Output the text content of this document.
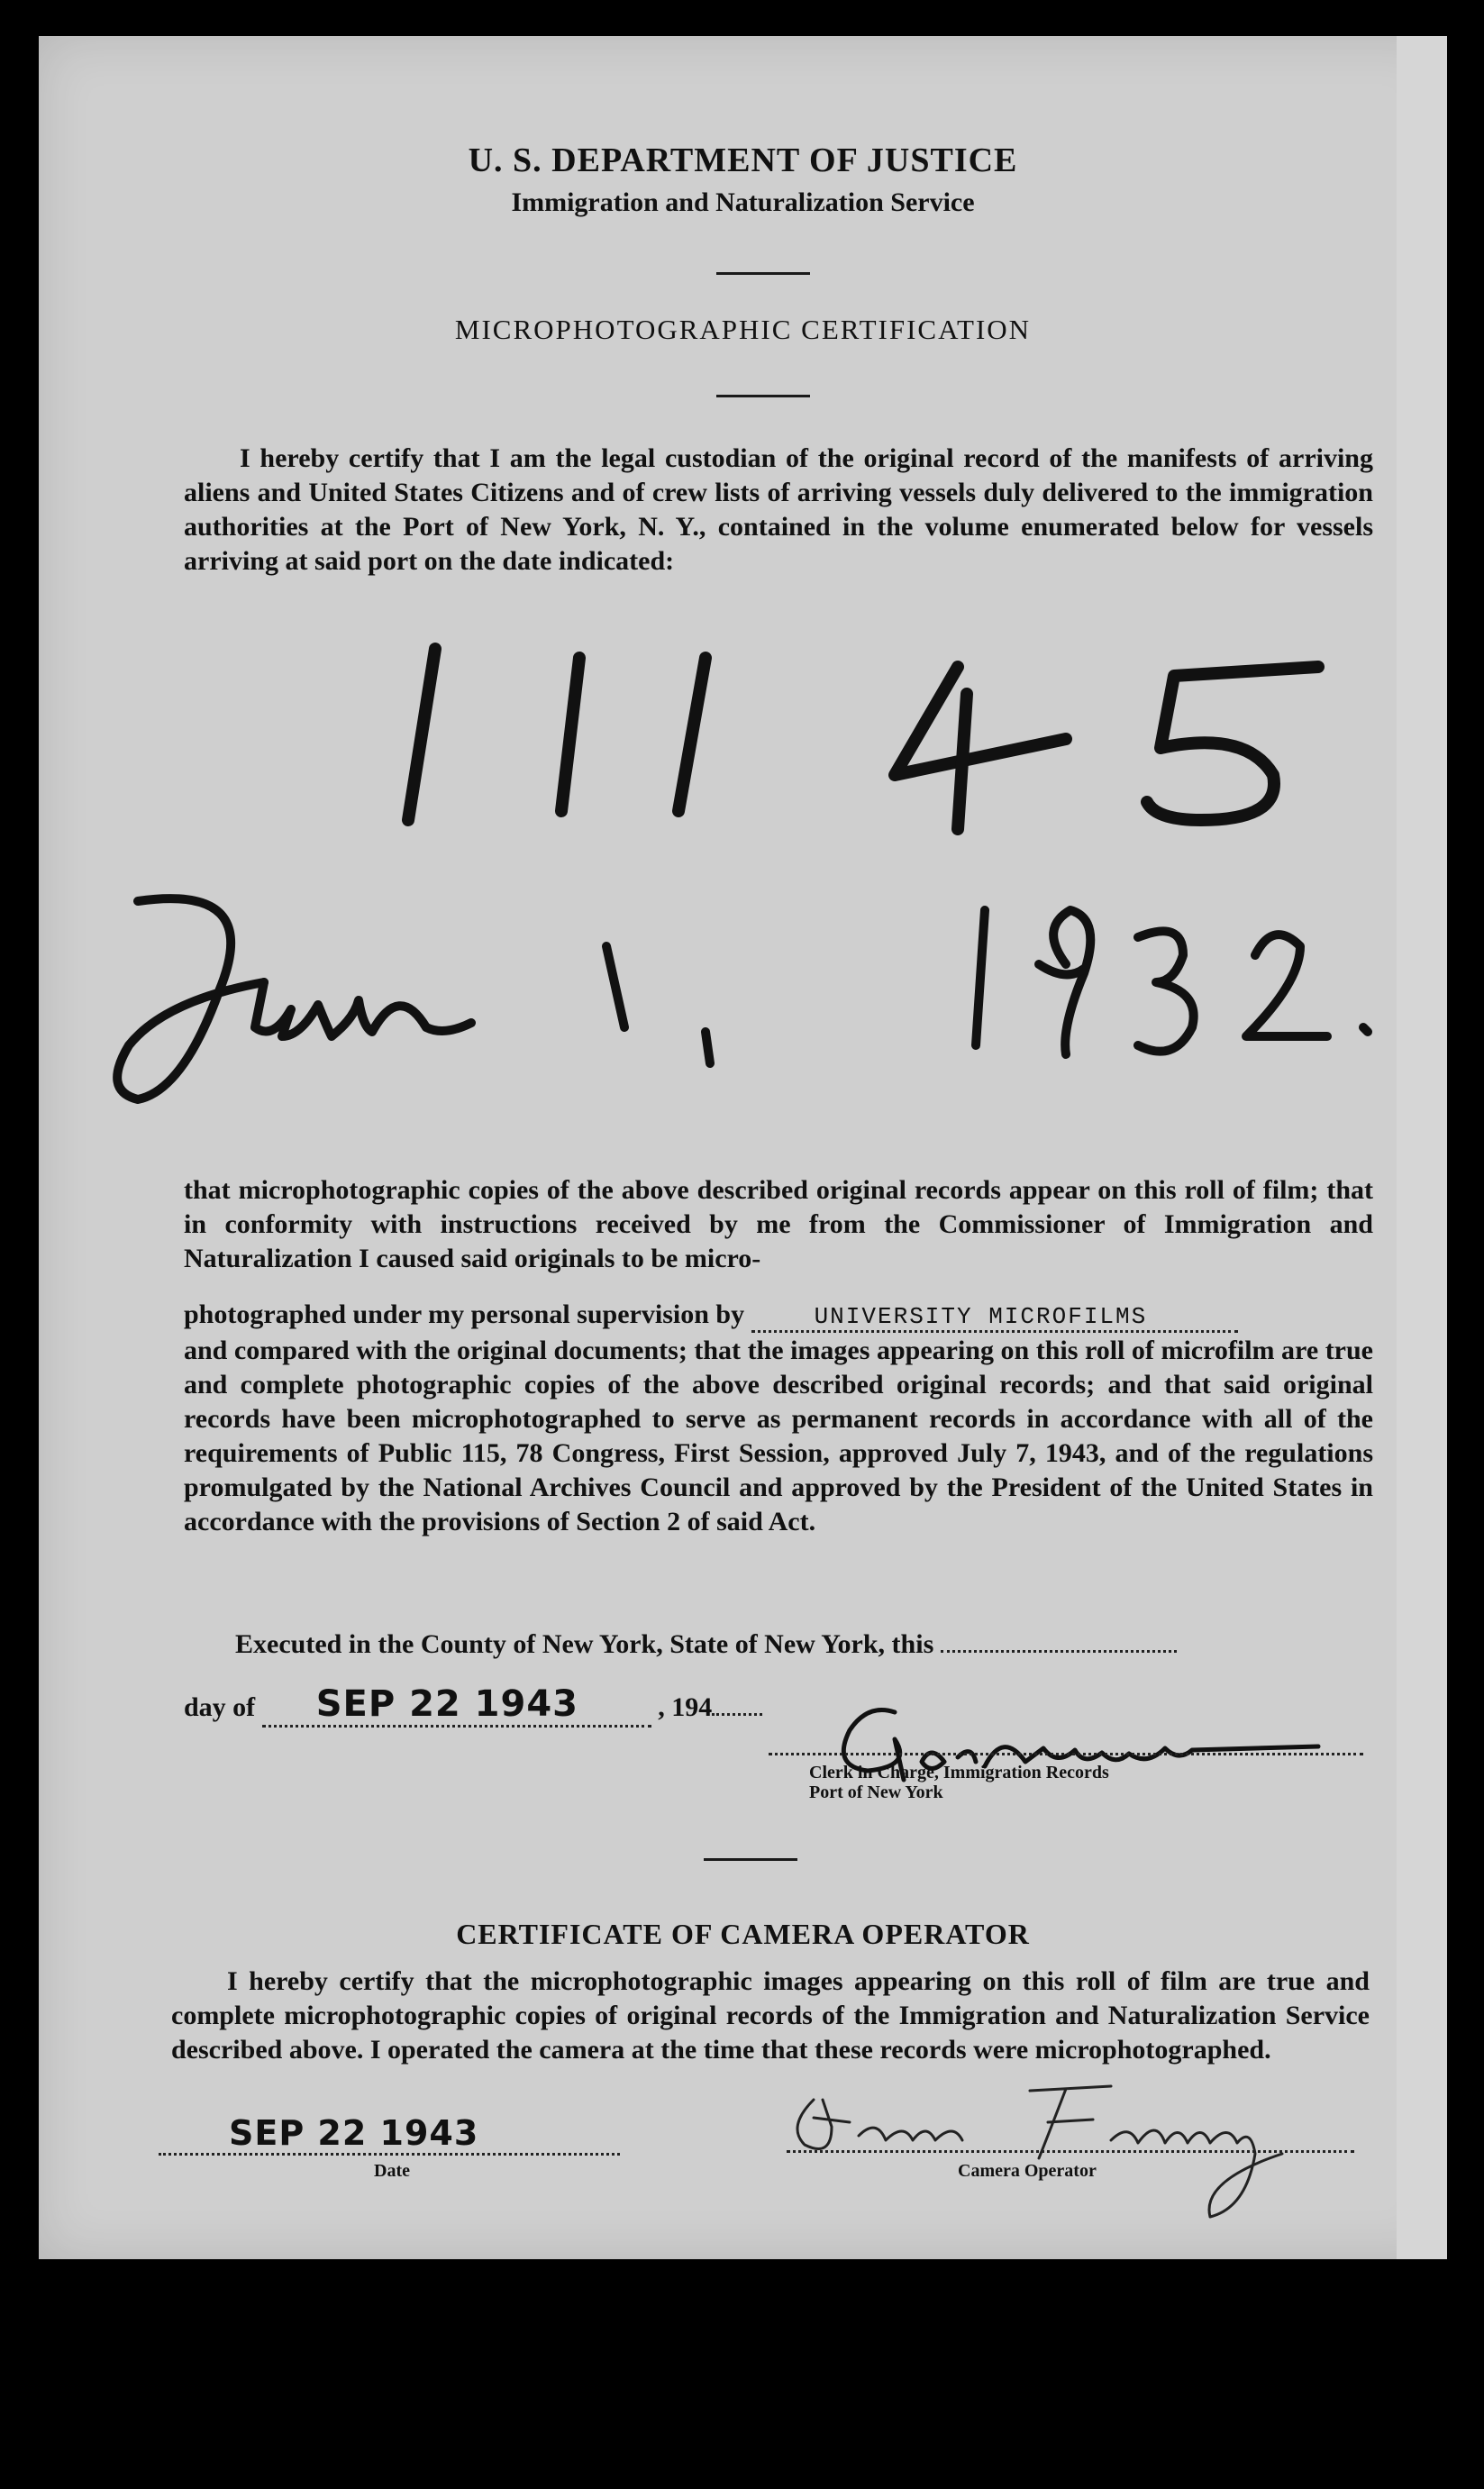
U. S. DEPARTMENT OF JUSTICE
Immigration and Naturalization Service
MICROPHOTOGRAPHIC CERTIFICATION
I hereby certify that I am the legal custodian of the original record of the manifests of arriving aliens and United States Citizens and of crew lists of arriving vessels duly delivered to the immigration authorities at the Port of New York, N. Y., contained in the volume enumerated below for vessels arriving at said port on the date indicated:
that microphotographic copies of the above described original records appear on this roll of film; that in conformity with instructions received by me from the Commissioner of Immigration and Naturalization I caused said originals to be micro-
photographed under my personal supervision by	UNIVERSITY MICROFILMS
and compared with the original documents; that the images appearing on this roll of microfilm are true and complete photographic copies of the above described original records; and that said original records have been microphotographed to serve as permanent records in accordance with all of the requirements of Public 115, 78 Congress, First Session, approved July 7, 1943, and of the regulations promulgated by the National Archives Council and approved by the President of the United States in accordance with the provisions of Section 2 of said Act.
Executed in the County of New York, State of New York, this
day of SEP 22 1943	, 194
Clerk in Charge, Immigration Records
Port of New York
CERTIFICATE OF CAMERA OPERATOR
I hereby certify that the microphotographic images appearing on this roll of film are true and complete microphotographic copies of original records of the Immigration and Naturalization Service described above. I operated the camera at the time that these records were microphotographed.
SEP 22 1943
Date	Camera Operator
